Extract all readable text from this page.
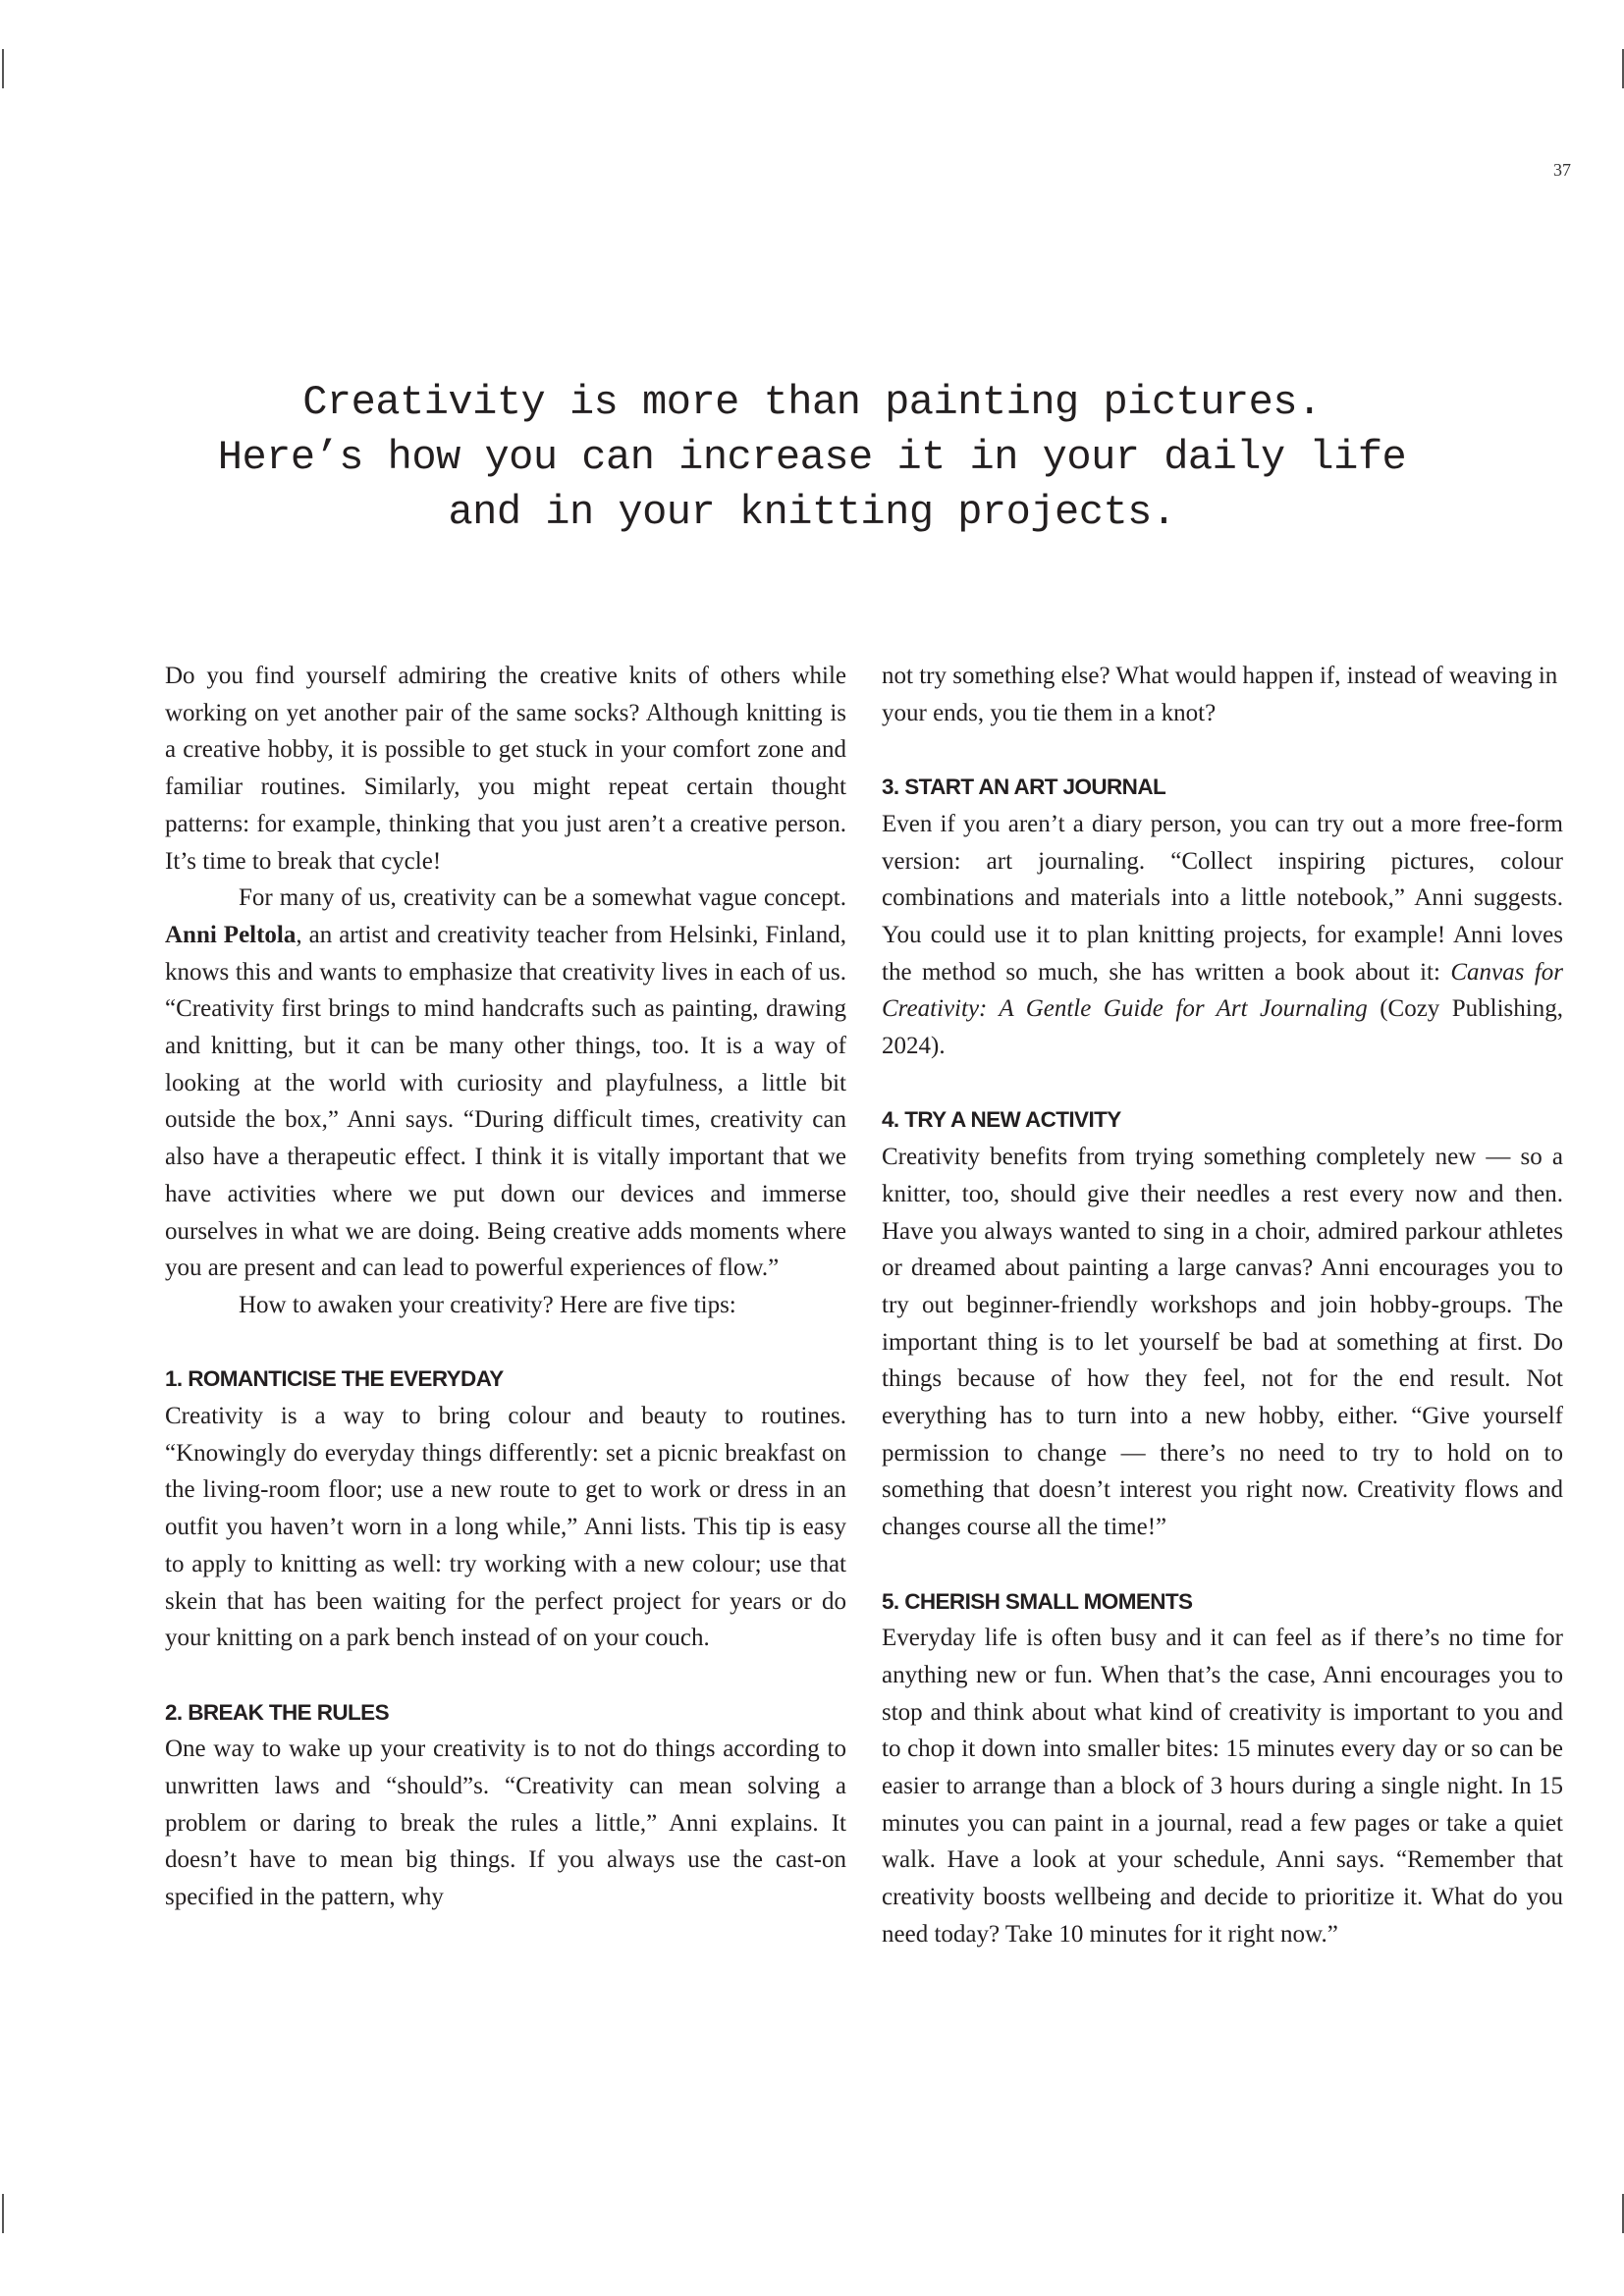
37
Creativity is more than painting pictures.
Here’s how you can increase it in your daily life
and in your knitting projects.

Do you find yourself admiring the creative knits of others while working on yet another pair of the same socks? Although knitting is a creative hobby, it is possible to get stuck in your comfort zone and familiar routines. Similarly, you might repeat certain thought patterns: for example, thinking that you just aren’t a creative person. It’s time to break that cycle!

For many of us, creativity can be a somewhat vague concept. Anni Peltola, an artist and creativity teacher from Helsinki, Finland, knows this and wants to emphasize that creativity lives in each of us. “Creativity first brings to mind handcrafts such as painting, drawing and knitting, but it can be many other things, too. It is a way of looking at the world with curiosity and playfulness, a little bit outside the box,” Anni says. “During difficult times, creativity can also have a therapeutic effect. I think it is vitally important that we have activities where we put down our devices and immerse ourselves in what we are doing. Being creative adds moments where you are present and can lead to powerful experiences of flow.”

How to awaken your creativity? Here are five tips:

1. ROMANTICISE THE EVERYDAY

Creativity is a way to bring colour and beauty to routines. “Knowingly do everyday things differently: set a picnic breakfast on the living-room floor; use a new route to get to work or dress in an outfit you haven’t worn in a long while,” Anni lists. This tip is easy to apply to knitting as well: try working with a new colour; use that skein that has been waiting for the perfect project for years or do your knitting on a park bench instead of on your couch.

2. BREAK THE RULES

One way to wake up your creativity is to not do things according to unwritten laws and “should”s. “Creativity can mean solving a problem or daring to break the rules a little,” Anni explains. It doesn’t have to mean big things. If you always use the cast-on specified in the pattern, why

not try something else? What would happen if, instead of weaving in your ends, you tie them in a knot?

3. START AN ART JOURNAL

Even if you aren’t a diary person, you can try out a more free-form version: art journaling. “Collect inspiring pictures, colour combinations and materials into a little notebook,” Anni suggests. You could use it to plan knitting projects, for example! Anni loves the method so much, she has written a book about it: Canvas for Creativity: A Gentle Guide for Art Journaling (Cozy Publishing, 2024).

4. TRY A NEW ACTIVITY

Creativity benefits from trying something completely new — so a knitter, too, should give their needles a rest every now and then. Have you always wanted to sing in a choir, admired parkour athletes or dreamed about painting a large canvas? Anni encourages you to try out beginner-friendly workshops and join hobby-groups. The important thing is to let yourself be bad at something at first. Do things because of how they feel, not for the end result. Not everything has to turn into a new hobby, either. “Give yourself permission to change — there’s no need to try to hold on to something that doesn’t interest you right now. Creativity flows and changes course all the time!”

5. CHERISH SMALL MOMENTS

Everyday life is often busy and it can feel as if there’s no time for anything new or fun. When that’s the case, Anni encourages you to stop and think about what kind of creativity is important to you and to chop it down into smaller bites: 15 minutes every day or so can be easier to arrange than a block of 3 hours during a single night. In 15 minutes you can paint in a journal, read a few pages or take a quiet walk. Have a look at your schedule, Anni says. “Remember that creativity boosts wellbeing and decide to prioritize it. What do you need today? Take 10 minutes for it right now.”
